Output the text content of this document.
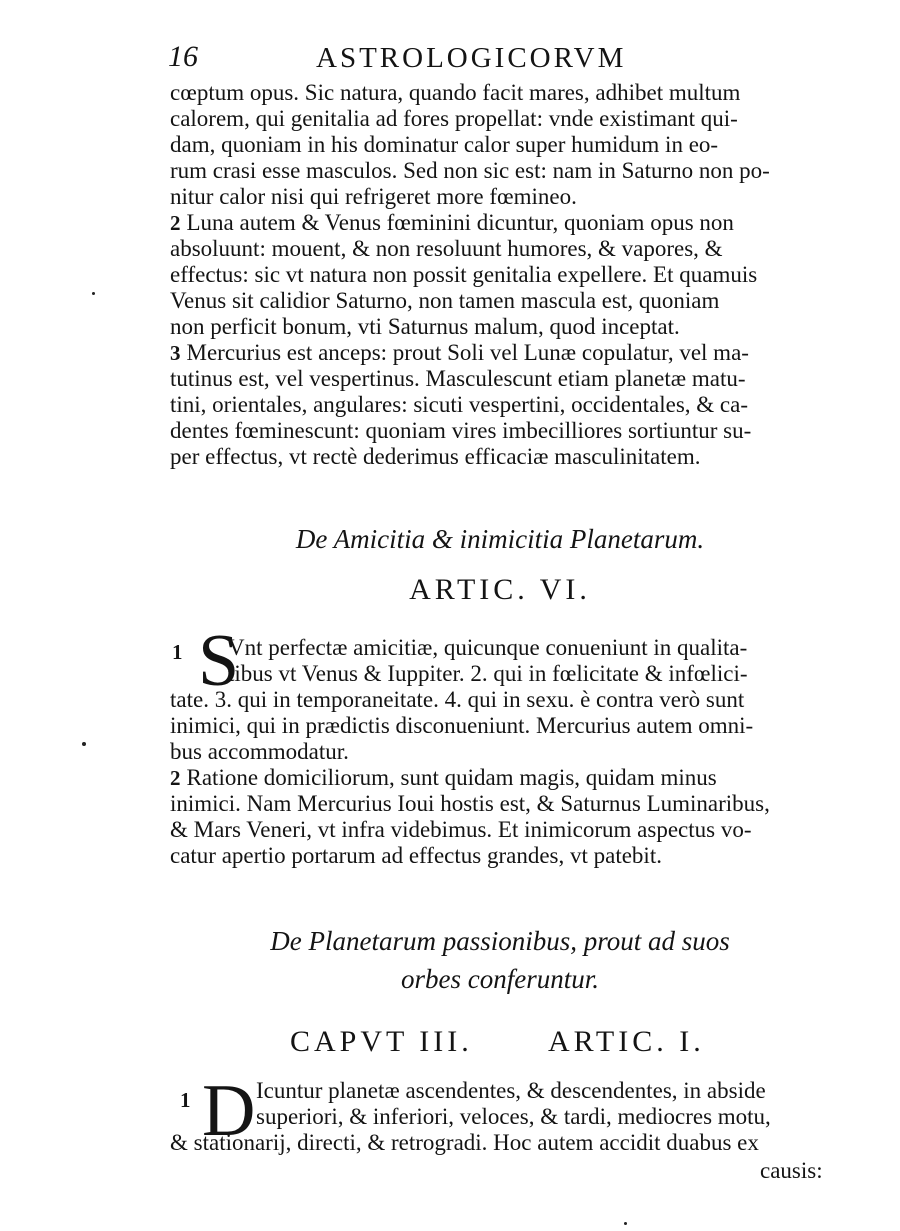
16	ASTROLOGICORVM
cœptum opus. Sic natura, quando facit mares, adhibet multum
calorem, qui genitalia ad fores propellat: vnde existimant qui-
dam, quoniam in his dominatur calor super humidum in eo-
rum crasi esse masculos. Sed non sic est: nam in Saturno non po-
nitur calor nisi qui refrigeret more fœmineo.
2 Luna autem & Venus fœminini dicuntur, quoniam opus non
absoluunt: mouent, & non resoluunt humores, & vapores, &
effectus: sic vt natura non possit genitalia expellere. Et quamuis
Venus sit calidior Saturno, non tamen mascula est, quoniam
non perficit bonum, vti Saturnus malum, quod inceptat.
3 Mercurius est anceps: prout Soli vel Lunæ copulatur, vel ma-
tutinus est, vel vespertinus. Masculescunt etiam planetæ matu-
tini, orientales, angulares: sicuti vespertini, occidentales, & ca-
dentes fœminescunt: quoniam vires imbecilliores sortiuntur su-
per effectus, vt rectè dederimus efficaciæ masculinitatem.
De Amicitia & inimicitia Planetarum.
ARTIC. VI.
1 S
Vnt perfectæ amicitiæ, quicunque conueniunt in qualita-
tibus vt Venus & Iuppiter. 2. qui in fœlicitate & infœlici-
tate. 3. qui in temporaneitate. 4. qui in sexu. è contra verò sunt
inimici, qui in prædictis disconueniunt. Mercurius autem omni-
bus accommodatur.
2 Ratione domiciliorum, sunt quidam magis, quidam minus
inimici. Nam Mercurius Ioui hostis est, & Saturnus Luminaribus,
& Mars Veneri, vt infra videbimus. Et inimicorum aspectus vo-
catur apertio portarum ad effectus grandes, vt patebit.
De Planetarum passionibus, prout ad suos
orbes conferuntur.
CAPVT III.	ARTIC. I.
1 D Icuntur planetæ ascendentes, & descendentes, in abside
superiori, & inferiori, veloces, & tardi, mediocres motu,
& stationarij, directi, & retrogradi. Hoc autem accidit duabus ex
causis:
